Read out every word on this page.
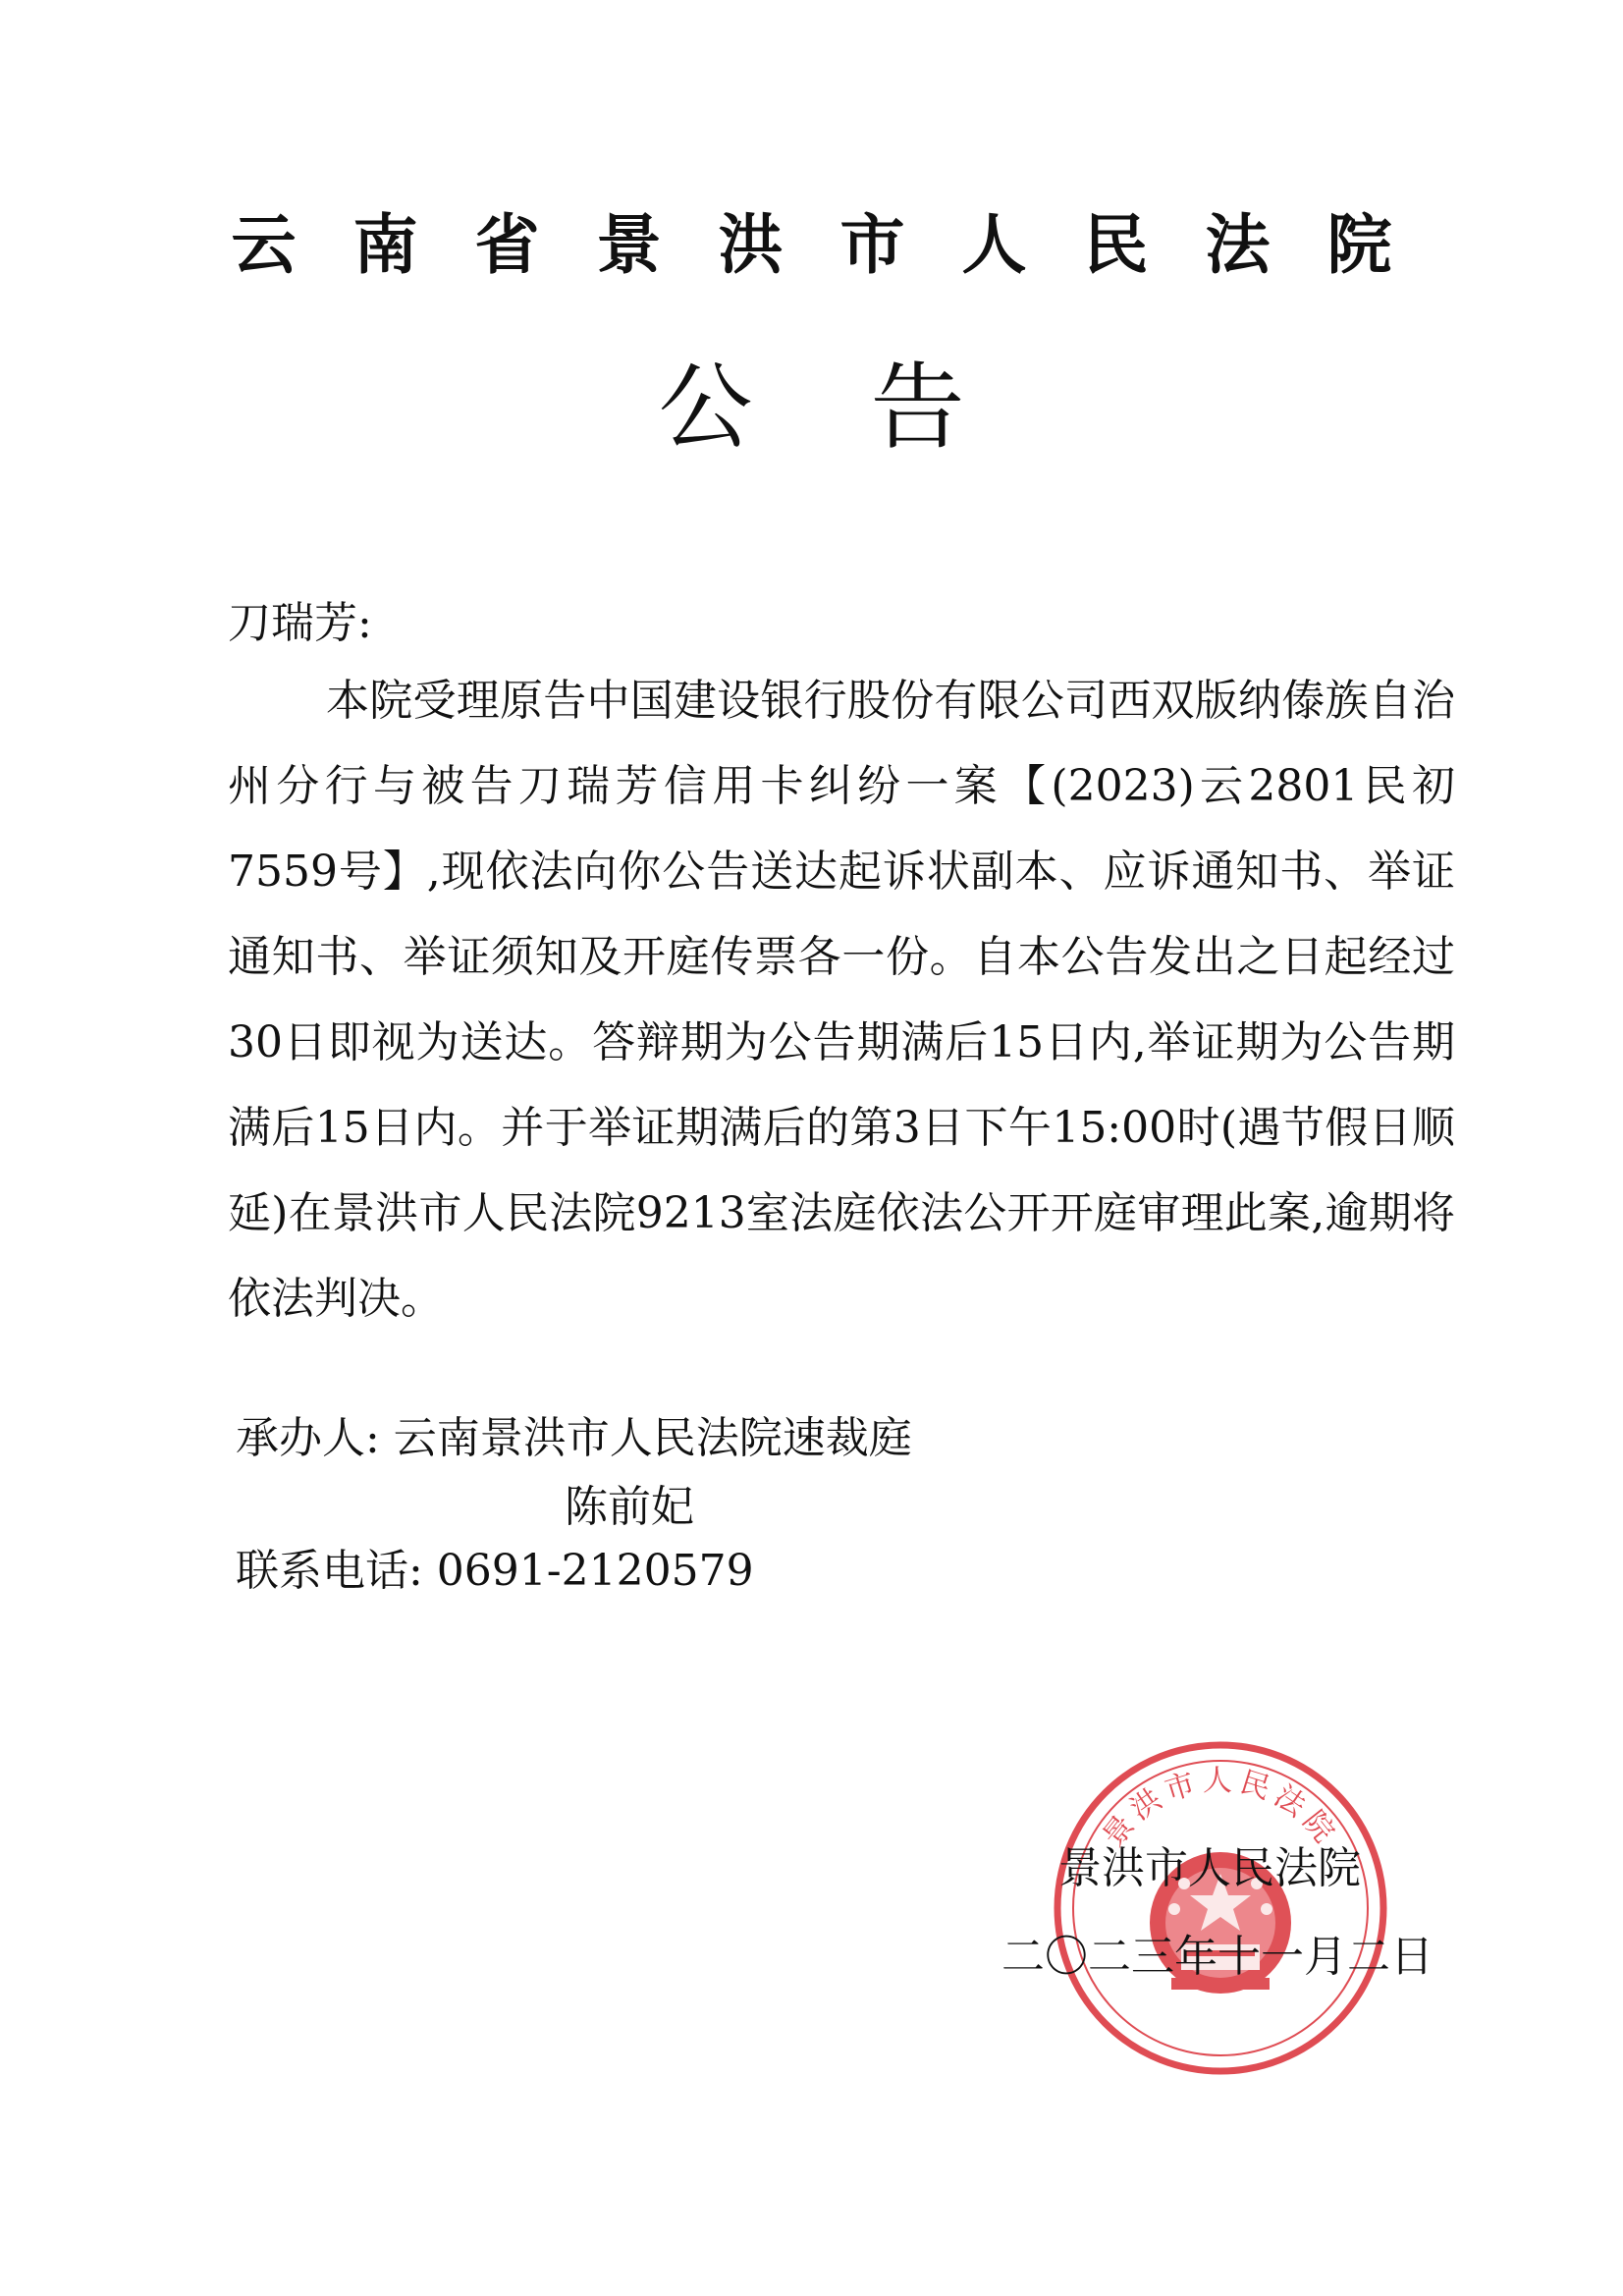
云南省景洪市人民法院
公告
刀瑞芳:
本院受理原告中国建设银行股份有限公司西双版纳傣族自治州分行与被告刀瑞芳信用卡纠纷一案【(2023)云2801民初7559号】,现依法向你公告送达起诉状副本、应诉通知书、举证通知书、举证须知及开庭传票各一份。自本公告发出之日起经过30日即视为送达。答辩期为公告期满后15日内,举证期为公告期满后15日内。并于举证期满后的第3日下午15:00时(遇节假日顺延)在景洪市人民法院9213室法庭依法公开开庭审理此案,逾期将依法判决。
承办人: 云南景洪市人民法院速裁庭
陈前妃
联系电话: 0691-2120579
景洪市人民法院
景洪市人民法院
二〇二三年十一月二日
